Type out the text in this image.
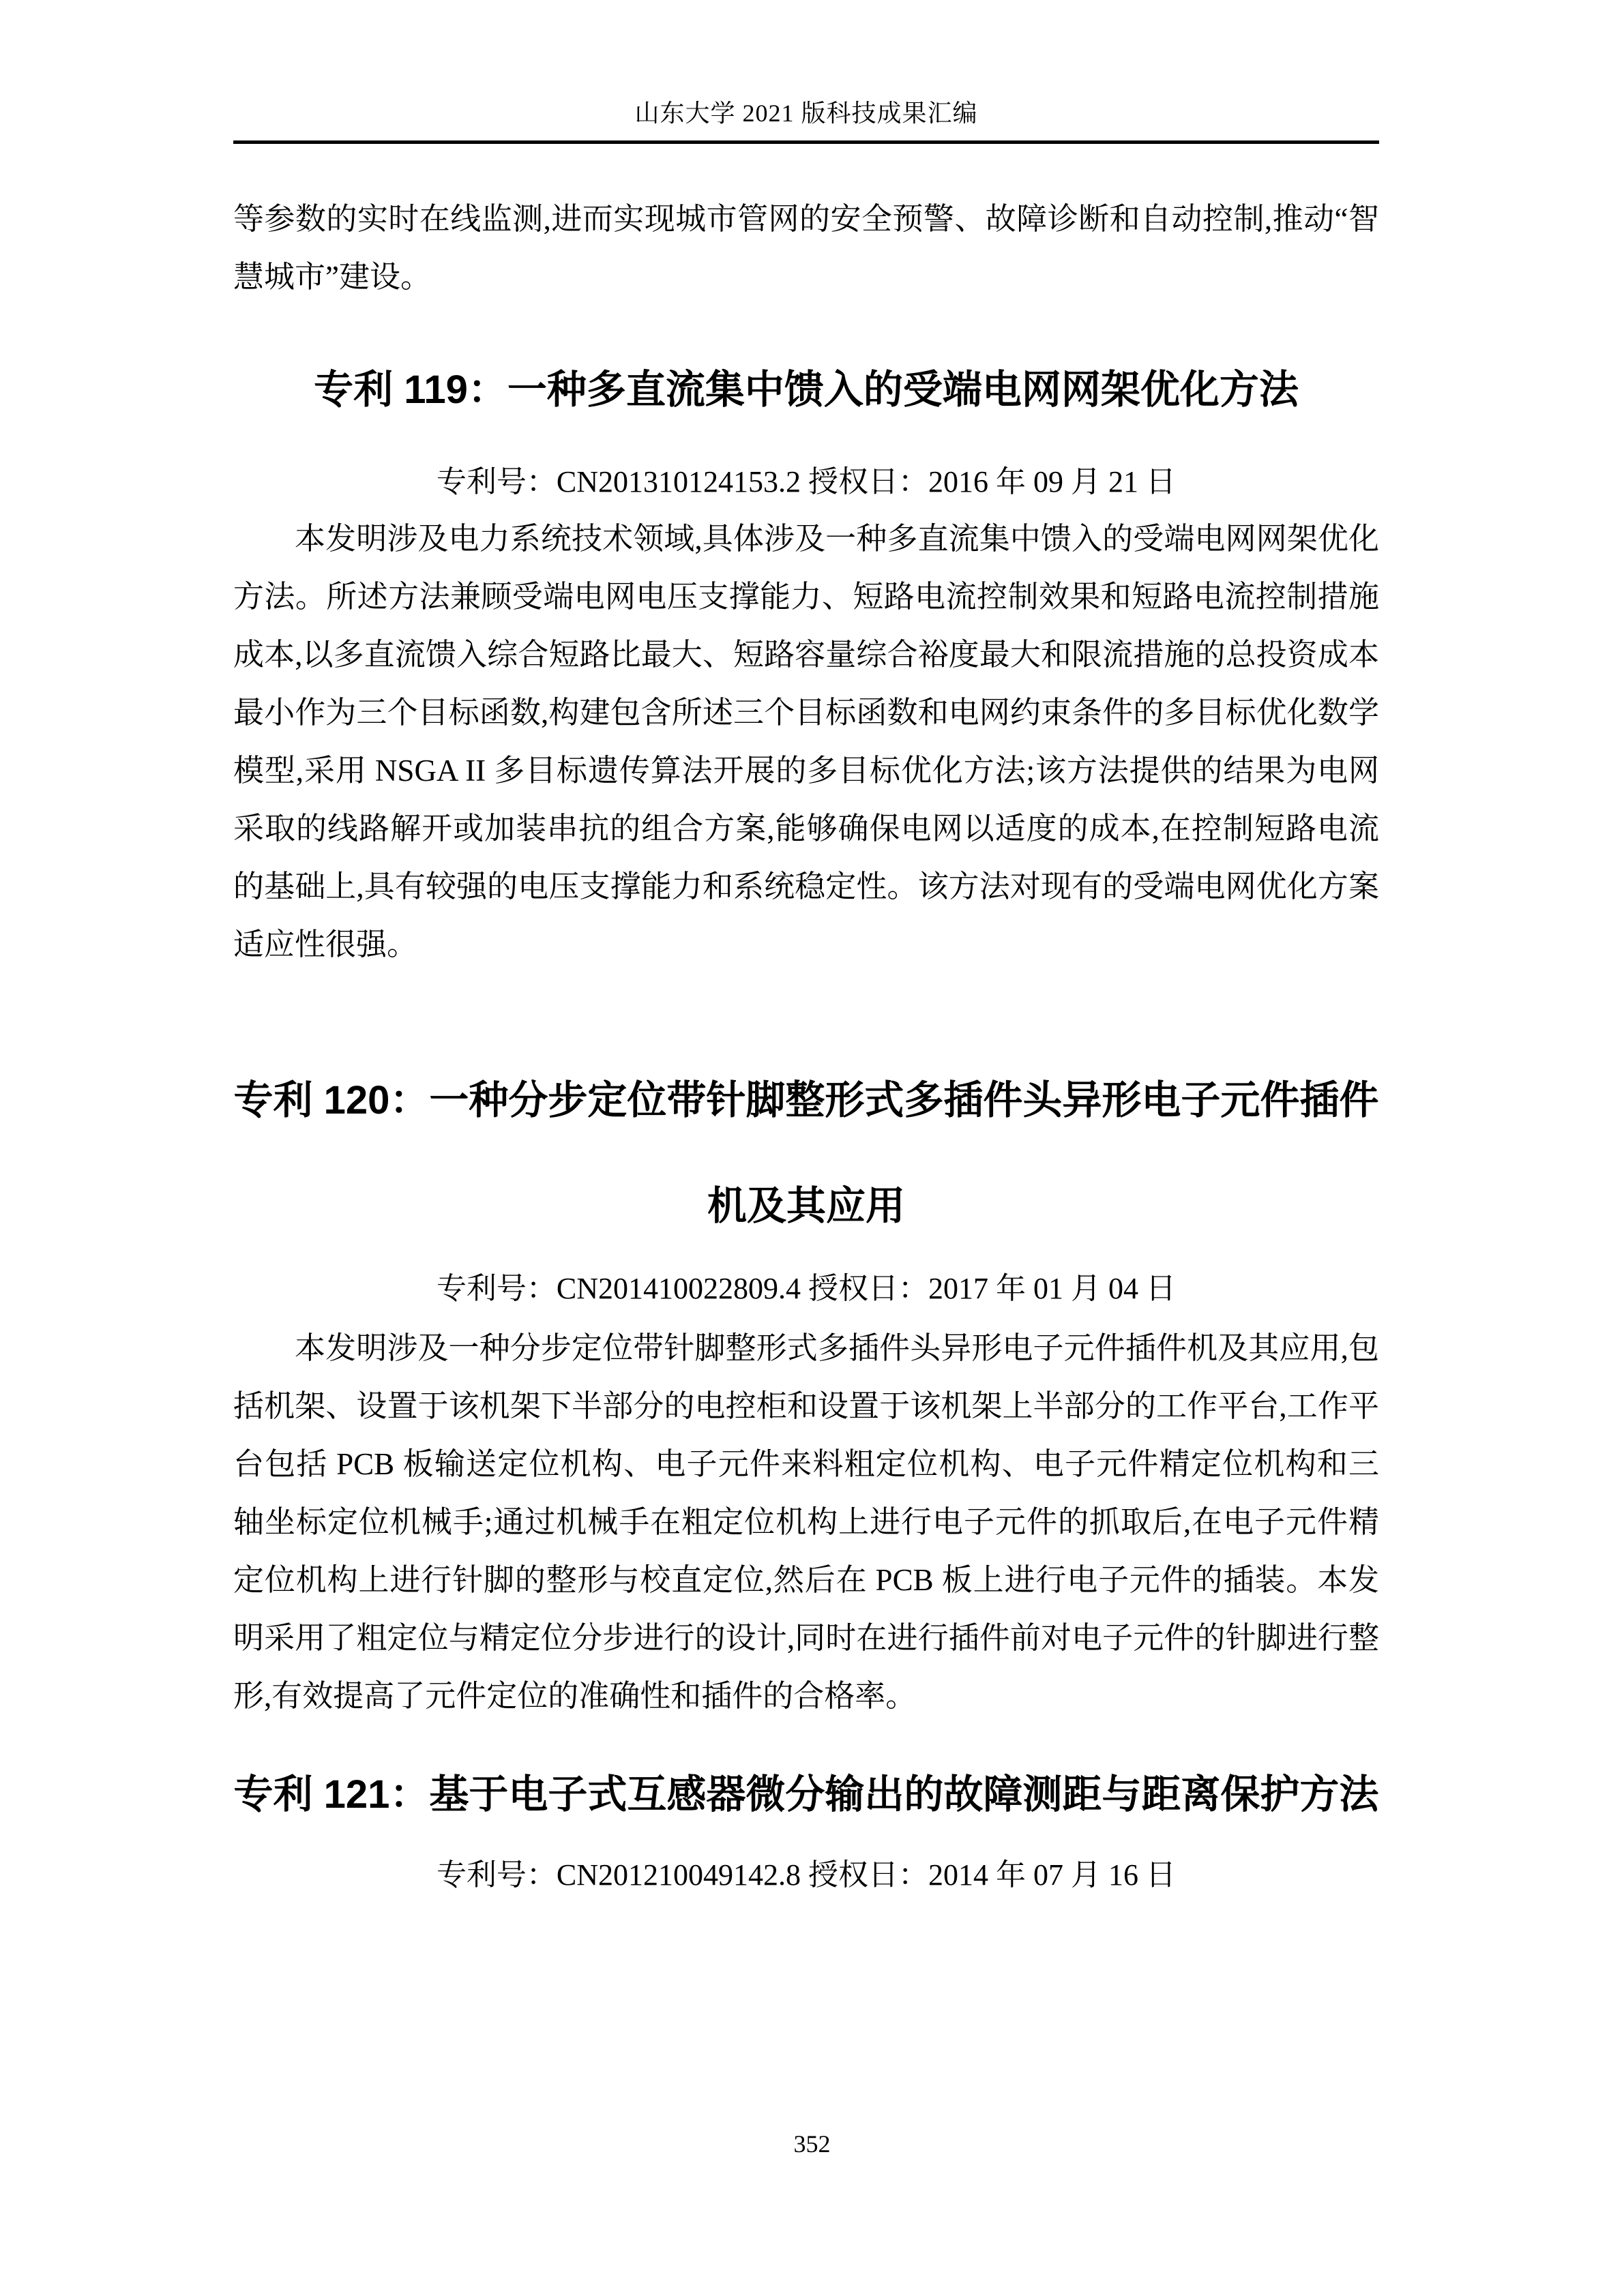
山东大学 2021 版科技成果汇编

等参数的实时在线监测,进而实现城市管网的安全预警、故障诊断和自动控制,推动“智慧城市”建设。

专利 119：一种多直流集中馈入的受端电网网架优化方法
专利号：CN201310124153.2 授权日：2016 年 09 月 21 日

本发明涉及电力系统技术领域,具体涉及一种多直流集中馈入的受端电网网架优化方法。所述方法兼顾受端电网电压支撑能力、短路电流控制效果和短路电流控制措施成本,以多直流馈入综合短路比最大、短路容量综合裕度最大和限流措施的总投资成本最小作为三个目标函数,构建包含所述三个目标函数和电网约束条件的多目标优化数学模型,采用 NSGA II 多目标遗传算法开展的多目标优化方法;该方法提供的结果为电网采取的线路解开或加装串抗的组合方案,能够确保电网以适度的成本,在控制短路电流的基础上,具有较强的电压支撑能力和系统稳定性。该方法对现有的受端电网优化方案适应性很强。

专利 120：一种分步定位带针脚整形式多插件头异形电子元件插件机及其应用
专利号：CN201410022809.4 授权日：2017 年 01 月 04 日

本发明涉及一种分步定位带针脚整形式多插件头异形电子元件插件机及其应用,包括机架、设置于该机架下半部分的电控柜和设置于该机架上半部分的工作平台,工作平台包括 PCB 板输送定位机构、电子元件来料粗定位机构、电子元件精定位机构和三轴坐标定位机械手;通过机械手在粗定位机构上进行电子元件的抓取后,在电子元件精定位机构上进行针脚的整形与校直定位,然后在 PCB 板上进行电子元件的插装。本发明采用了粗定位与精定位分步进行的设计,同时在进行插件前对电子元件的针脚进行整形,有效提高了元件定位的准确性和插件的合格率。

专利 121：基于电子式互感器微分输出的故障测距与距离保护方法
专利号：CN201210049142.8 授权日：2014 年 07 月 16 日
352
